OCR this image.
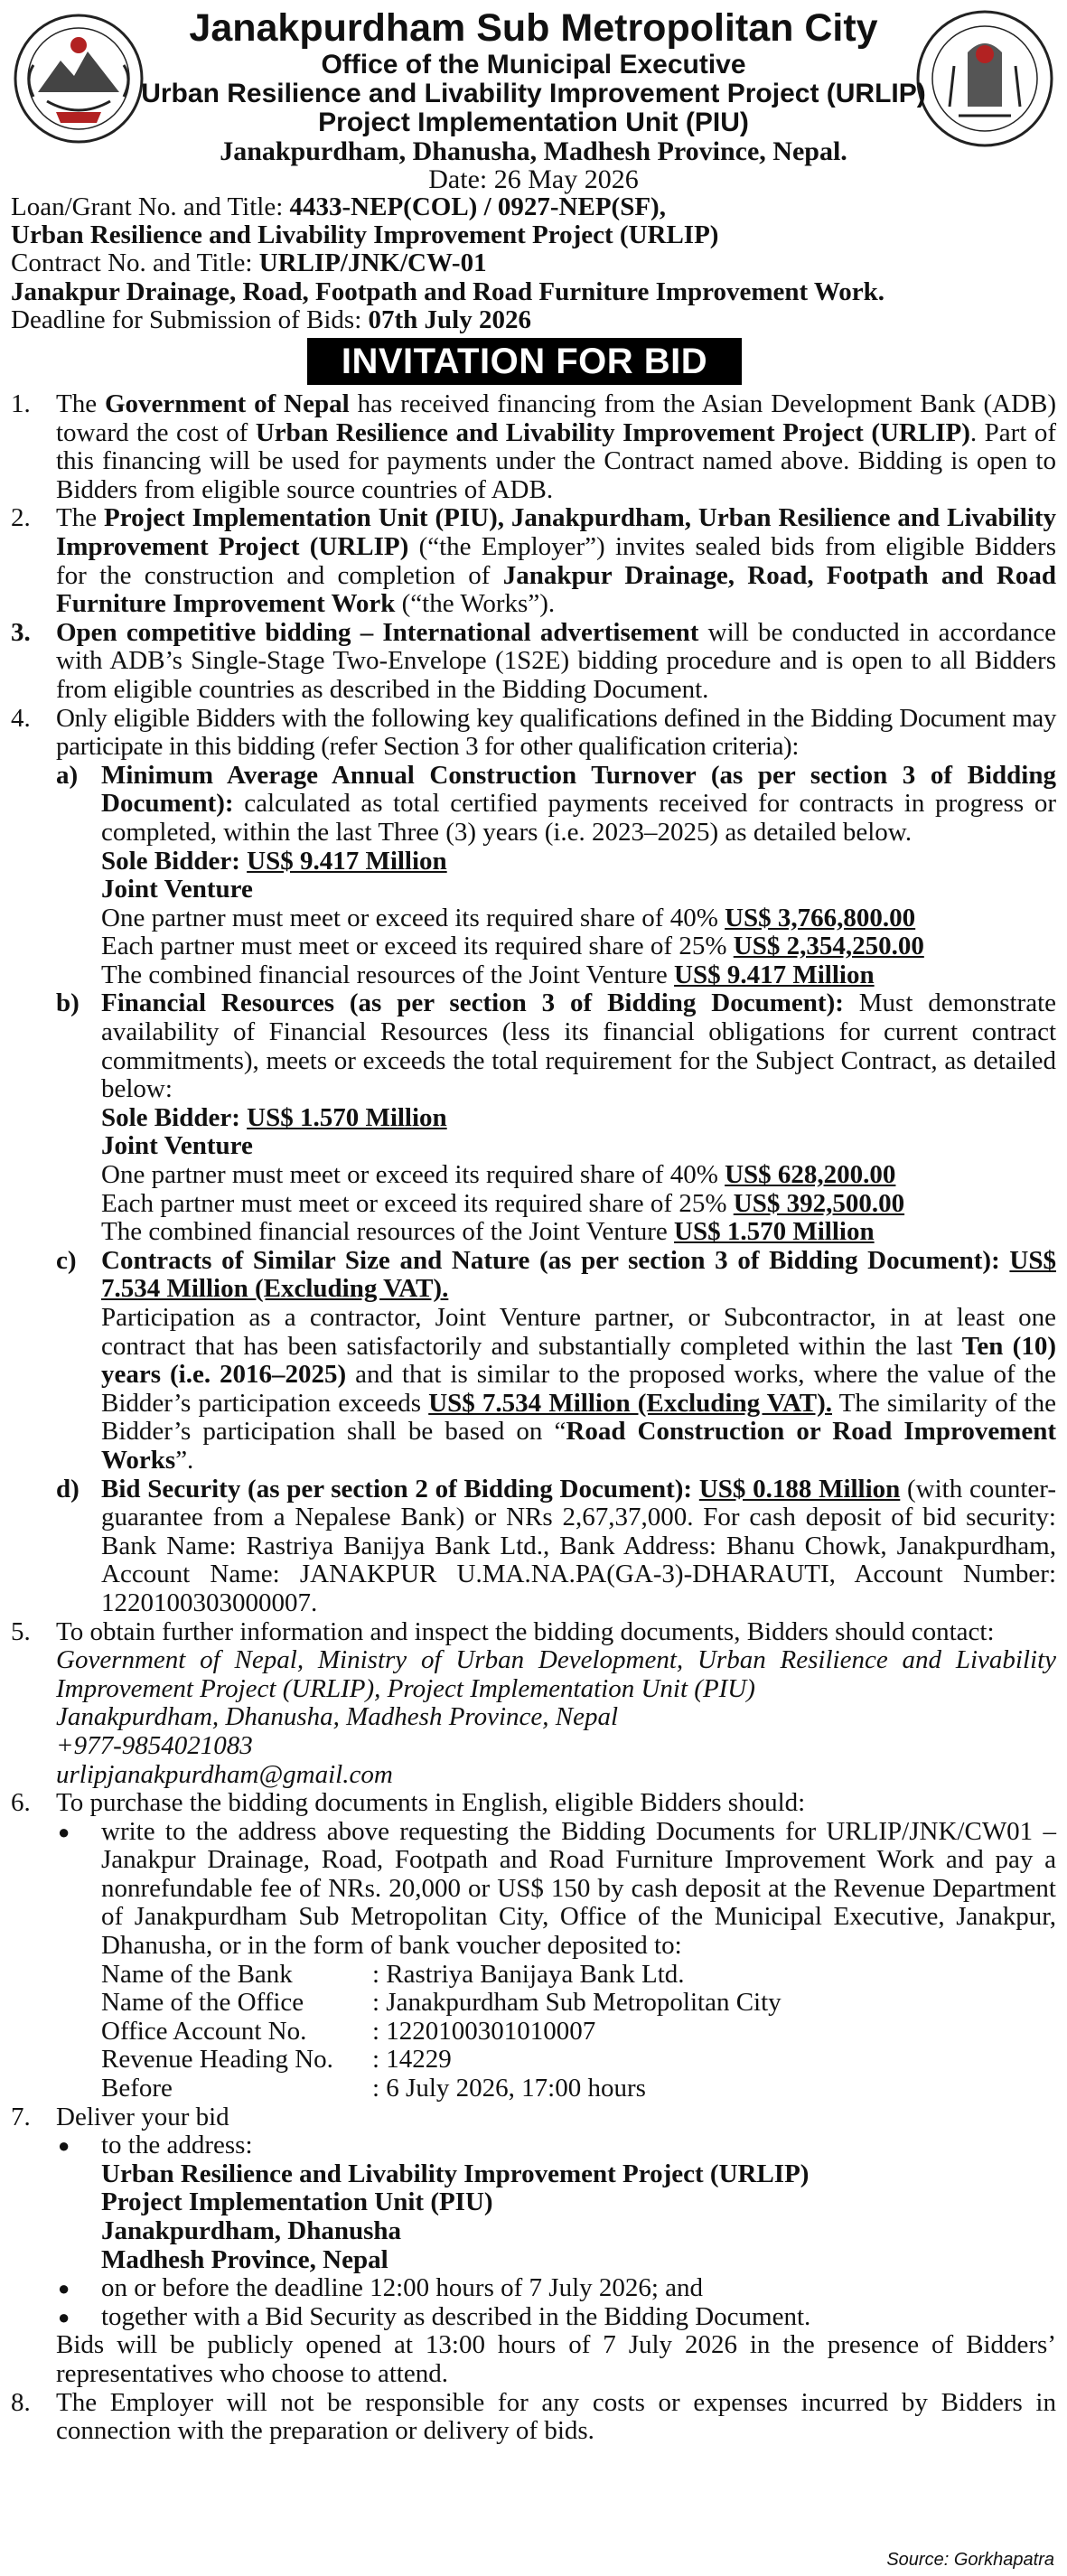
Janakpurdham Sub Metropolitan City
Office of the Municipal Executive
Urban Resilience and Livability Improvement Project (URLIP)
Project Implementation Unit (PIU)
Janakpurdham, Dhanusha, Madhesh Province, Nepal.
Date: 26 May 2026
Loan/Grant No. and Title: 4433-NEP(COL) / 0927-NEP(SF),
Urban Resilience and Livability Improvement Project (URLIP)
Contract No. and Title: URLIP/JNK/CW-01
Janakpur Drainage, Road, Footpath and Road Furniture Improvement Work.
Deadline for Submission of Bids: 07th July 2026
INVITATION FOR BID
1. The Government of Nepal has received financing from the Asian Development Bank (ADB) toward the cost of Urban Resilience and Livability Improvement Project (URLIP). Part of this financing will be used for payments under the Contract named above. Bidding is open to Bidders from eligible source countries of ADB.
2. The Project Implementation Unit (PIU), Janakpurdham, Urban Resilience and Livability Improvement Project (URLIP) (“the Employer”) invites sealed bids from eligible Bidders for the construction and completion of Janakpur Drainage, Road, Footpath and Road Furniture Improvement Work (“the Works”).
3. Open competitive bidding – International advertisement will be conducted in accordance with ADB’s Single-Stage Two-Envelope (1S2E) bidding procedure and is open to all Bidders from eligible countries as described in the Bidding Document.
4. Only eligible Bidders with the following key qualifications defined in the Bidding Document may participate in this bidding (refer Section 3 for other qualification criteria):
a) Minimum Average Annual Construction Turnover (as per section 3 of Bidding Document): calculated as total certified payments received for contracts in progress or completed, within the last Three (3) years (i.e. 2023–2025) as detailed below.
Sole Bidder: US$ 9.417 Million
Joint Venture
One partner must meet or exceed its required share of 40% US$ 3,766,800.00
Each partner must meet or exceed its required share of 25% US$ 2,354,250.00
The combined financial resources of the Joint Venture US$ 9.417 Million
b) Financial Resources (as per section 3 of Bidding Document): Must demonstrate availability of Financial Resources (less its financial obligations for current contract commitments), meets or exceeds the total requirement for the Subject Contract, as detailed below:
Sole Bidder: US$ 1.570 Million
Joint Venture
One partner must meet or exceed its required share of 40% US$ 628,200.00
Each partner must meet or exceed its required share of 25% US$ 392,500.00
The combined financial resources of the Joint Venture US$ 1.570 Million
c) Contracts of Similar Size and Nature (as per section 3 of Bidding Document): US$ 7.534 Million (Excluding VAT).
Participation as a contractor, Joint Venture partner, or Subcontractor, in at least one contract that has been satisfactorily and substantially completed within the last Ten (10) years (i.e. 2016–2025) and that is similar to the proposed works, where the value of the Bidder’s participation exceeds US$ 7.534 Million (Excluding VAT). The similarity of the Bidder’s participation shall be based on “Road Construction or Road Improvement Works”.
d) Bid Security (as per section 2 of Bidding Document): US$ 0.188 Million (with counter-guarantee from a Nepalese Bank) or NRs 2,67,37,000. For cash deposit of bid security: Bank Name: Rastriya Banijya Bank Ltd., Bank Address: Bhanu Chowk, Janakpurdham, Account Name: JANAKPUR U.MA.NA.PA(GA-3)-DHARAUTI, Account Number: 1220100303000007.
5. To obtain further information and inspect the bidding documents, Bidders should contact:
Government of Nepal, Ministry of Urban Development, Urban Resilience and Livability Improvement Project (URLIP), Project Implementation Unit (PIU)
Janakpurdham, Dhanusha, Madhesh Province, Nepal
+977-9854021083
urlipjanakpurdham@gmail.com
6. To purchase the bidding documents in English, eligible Bidders should:
● write to the address above requesting the Bidding Documents for URLIP/JNK/CW01 – Janakpur Drainage, Road, Footpath and Road Furniture Improvement Work and pay a nonrefundable fee of NRs. 20,000 or US$ 150 by cash deposit at the Revenue Department of Janakpurdham Sub Metropolitan City, Office of the Municipal Executive, Janakpur, Dhanusha, or in the form of bank voucher deposited to:
Name of the Bank	: Rastriya Banijaya Bank Ltd.
Name of the Office	: Janakpurdham Sub Metropolitan City
Office Account No.	: 1220100301010007
Revenue Heading No.	: 14229
Before	: 6 July 2026, 17:00 hours
7. Deliver your bid
● to the address:
Urban Resilience and Livability Improvement Project (URLIP)
Project Implementation Unit (PIU)
Janakpurdham, Dhanusha
Madhesh Province, Nepal
● on or before the deadline 12:00 hours of 7 July 2026; and
● together with a Bid Security as described in the Bidding Document.
Bids will be publicly opened at 13:00 hours of 7 July 2026 in the presence of Bidders’ representatives who choose to attend.
8. The Employer will not be responsible for any costs or expenses incurred by Bidders in connection with the preparation or delivery of bids.
Source: Gorkhapatra
